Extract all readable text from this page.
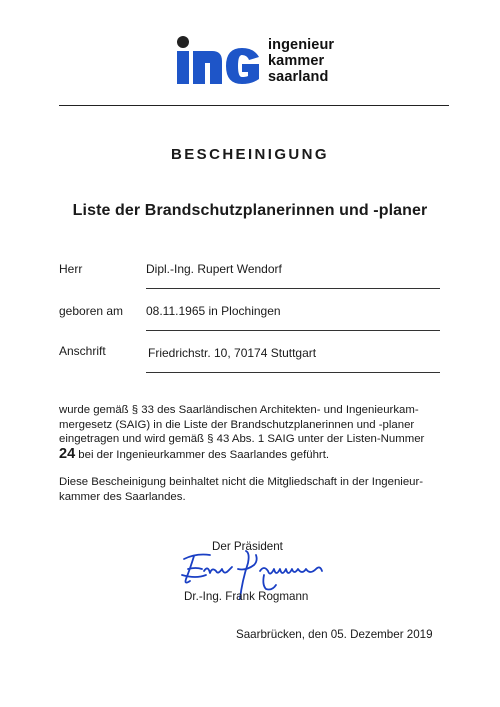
ingenieur
kammer
saarland
BESCHEINIGUNG
Liste der Brandschutzplanerinnen und -planer
Herr	Dipl.-Ing. Rupert Wendorf
geboren am 08.11.1965 in Plochingen
Anschrift	Friedrichstr. 10, 70174 Stuttgart
wurde gemäß § 33 des Saarländischen Architekten- und Ingenieurkam-
mergesetz (SAIG) in die Liste der Brandschutzplanerinnen und -planer
eingetragen und wird gemäß § 43 Abs. 1 SAIG unter der Listen-Nummer
24 bei der Ingenieurkammer des Saarlandes geführt.
Diese Bescheinigung beinhaltet nicht die Mitgliedschaft in der Ingenieur-
kammer des Saarlandes.
Der Präsident
Dr.-Ing. Frank Rogmann
Saarbrücken, den 05. Dezember 2019
